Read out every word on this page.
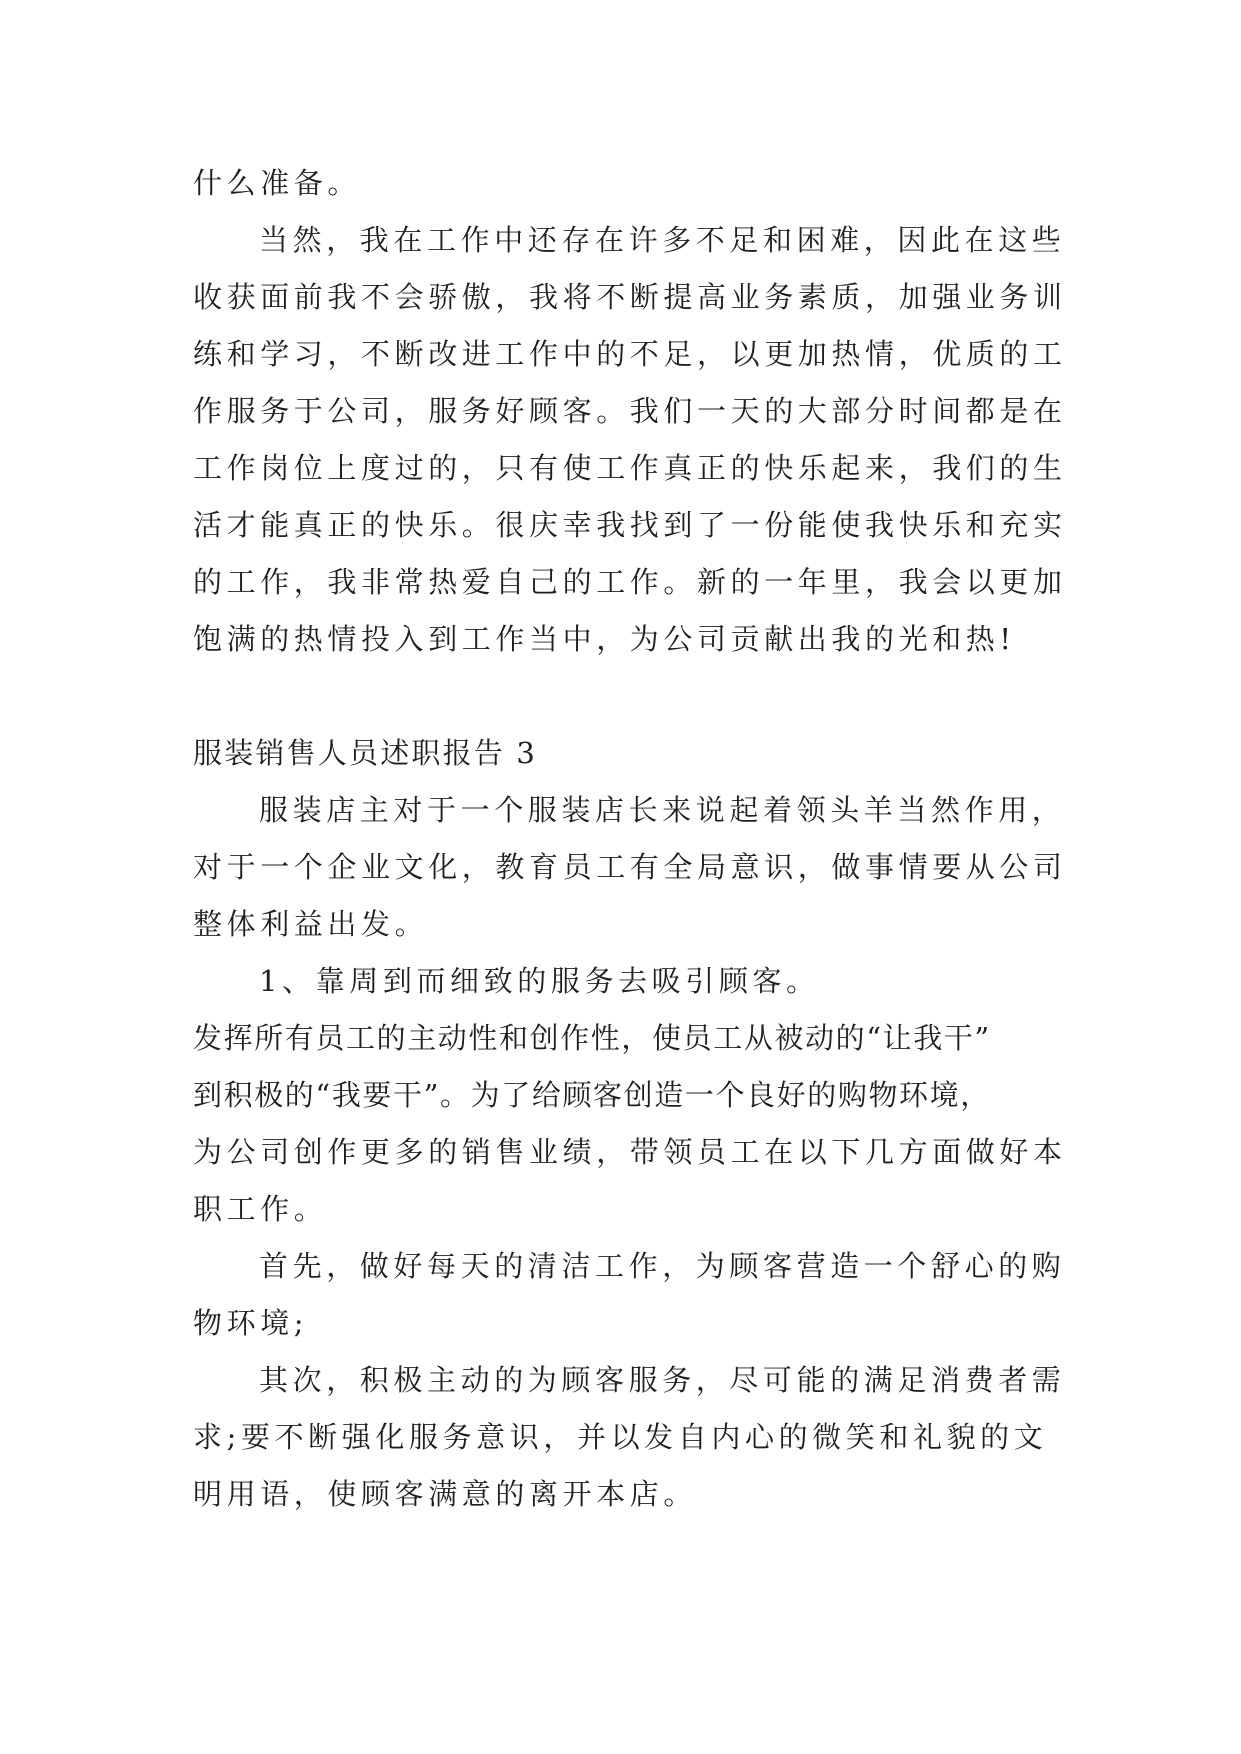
什么准备。
当然，我在工作中还存在许多不足和困难，因此在这些
收获面前我不会骄傲，我将不断提高业务素质，加强业务训
练和学习，不断改进工作中的不足，以更加热情，优质的工
作服务于公司，服务好顾客。我们一天的大部分时间都是在
工作岗位上度过的，只有使工作真正的快乐起来，我们的生
活才能真正的快乐。很庆幸我找到了一份能使我快乐和充实
的工作，我非常热爱自己的工作。新的一年里，我会以更加
饱满的热情投入到工作当中，为公司贡献出我的光和热!
服装销售人员述职报告 3
服装店主对于一个服装店长来说起着领头羊当然作用，
对于一个企业文化，教育员工有全局意识，做事情要从公司
整体利益出发。
1、靠周到而细致的服务去吸引顾客。
发挥所有员工的主动性和创作性，使员工从被动的“让我干”
到积极的“我要干”。为了给顾客创造一个良好的购物环境，
为公司创作更多的销售业绩，带领员工在以下几方面做好本
职工作。
首先，做好每天的清洁工作，为顾客营造一个舒心的购
物环境;
其次，积极主动的为顾客服务，尽可能的满足消费者需
求;要不断强化服务意识，并以发自内心的微笑和礼貌的文
明用语，使顾客满意的离开本店。
